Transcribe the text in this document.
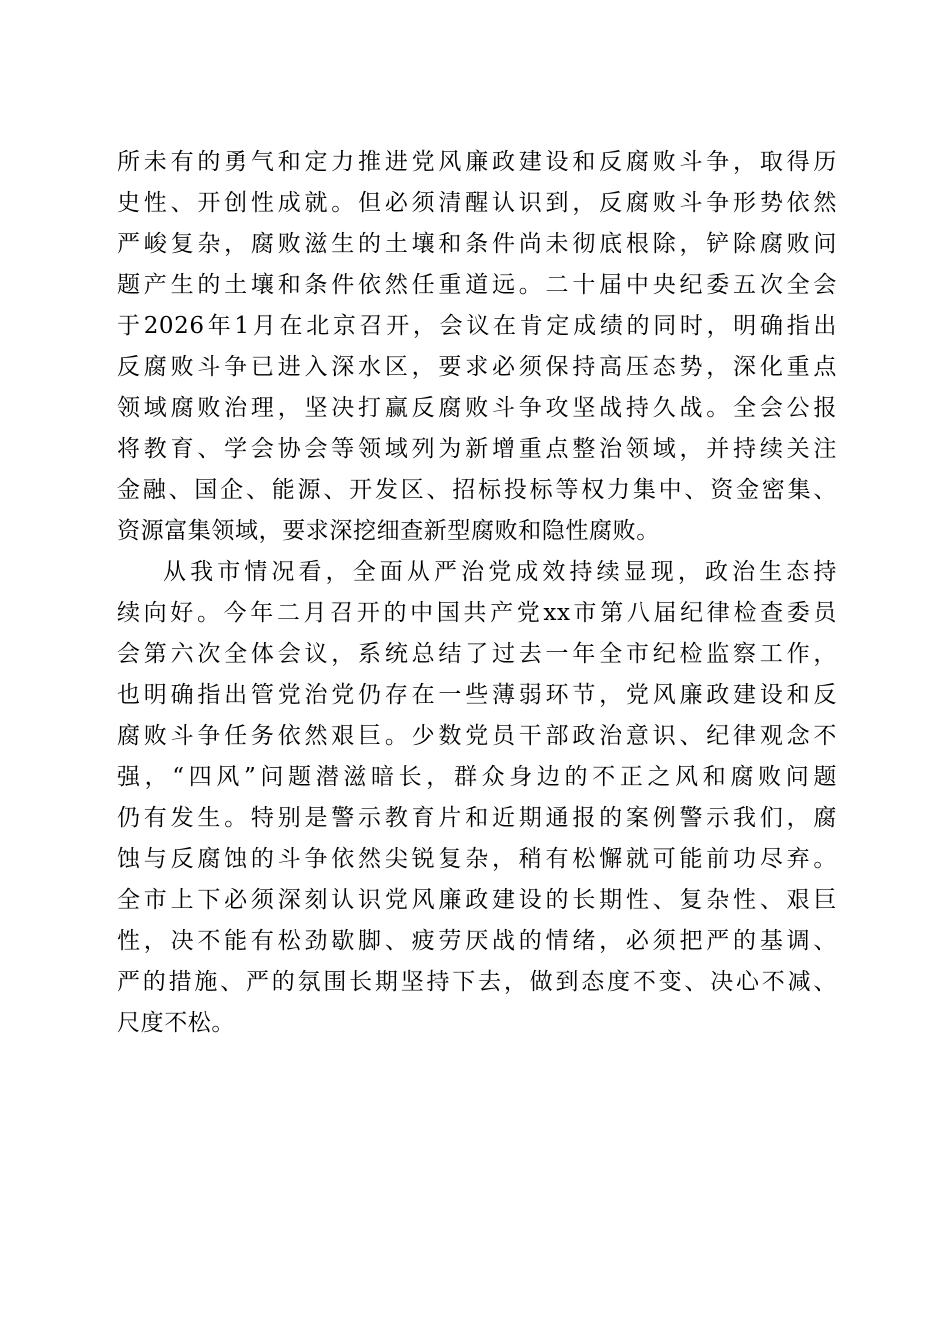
所未有的勇气和定力推进党风廉政建设和反腐败斗争，取得历
史性、开创性成就。但必须清醒认识到，反腐败斗争形势依然
严峻复杂，腐败滋生的土壤和条件尚未彻底根除，铲除腐败问
题产生的土壤和条件依然任重道远。二十届中央纪委五次全会
于2026年1月在北京召开，会议在肯定成绩的同时，明确指出
反腐败斗争已进入深水区，要求必须保持高压态势，深化重点
领域腐败治理，坚决打赢反腐败斗争攻坚战持久战。全会公报
将教育、学会协会等领域列为新增重点整治领域，并持续关注
金融、国企、能源、开发区、招标投标等权力集中、资金密集、
资源富集领域，要求深挖细查新型腐败和隐性腐败。
从我市情况看，全面从严治党成效持续显现，政治生态持
续向好。今年二月召开的中国共产党xx市第八届纪律检查委员
会第六次全体会议，系统总结了过去一年全市纪检监察工作，
也明确指出管党治党仍存在一些薄弱环节，党风廉政建设和反
腐败斗争任务依然艰巨。少数党员干部政治意识、纪律观念不
强，“四风”问题潜滋暗长，群众身边的不正之风和腐败问题
仍有发生。特别是警示教育片和近期通报的案例警示我们，腐
蚀与反腐蚀的斗争依然尖锐复杂，稍有松懈就可能前功尽弃。
全市上下必须深刻认识党风廉政建设的长期性、复杂性、艰巨
性，决不能有松劲歇脚、疲劳厌战的情绪，必须把严的基调、
严的措施、严的氛围长期坚持下去，做到态度不变、决心不减、
尺度不松。
